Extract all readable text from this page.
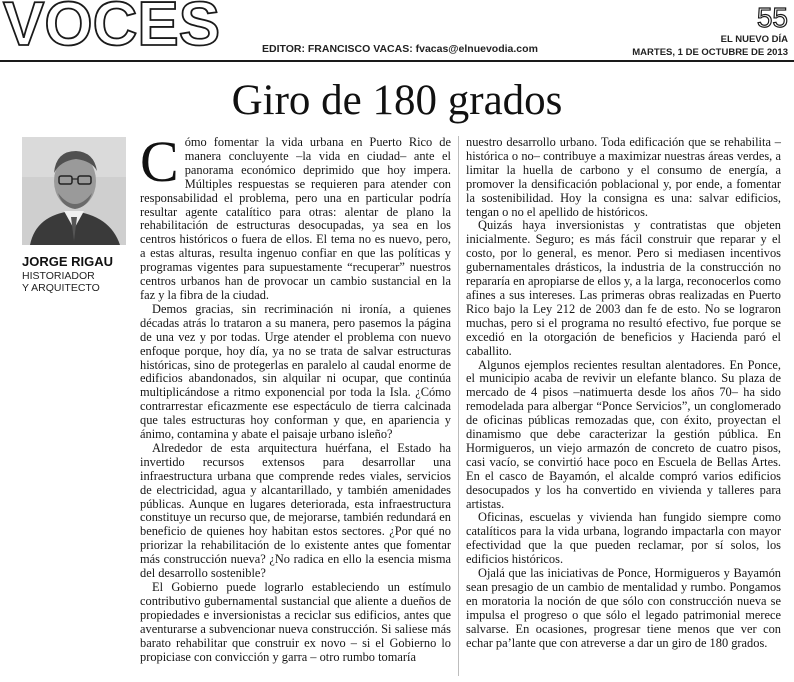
VOCES	EDITOR: FRANCISCO VACAS: fvacas@elnuevodia.com
55
EL NUEVO DÍA
MARTES, 1 DE OCTUBRE DE 2013
Giro de 180 grados
JORGE RIGAU
HISTORIADOR
Y ARQUITECTO

Cómo fomentar la vida urbana en Puerto Rico de manera concluyente –la vida en ciudad– ante el panorama económico deprimido que hoy impera. Múltiples respuestas se requieren para atender con responsabilidad el problema, pero una en particular podría resultar agente catalítico para otras: alentar de plano la rehabilitación de estructuras desocupadas, ya sea en los centros históricos o fuera de ellos. El tema no es nuevo, pero, a estas alturas, resulta ingenuo confiar en que las políticas y programas vigentes para supuestamente “recuperar” nuestros centros urbanos han de provocar un cambio sustancial en la faz y la fibra de la ciudad.

Demos gracias, sin recriminación ni ironía, a quienes décadas atrás lo trataron a su manera, pero pasemos la página de una vez y por todas. Urge atender el problema con nuevo enfoque porque, hoy día, ya no se trata de salvar estructuras históricas, sino de protegerlas en paralelo al caudal enorme de edificios abandonados, sin alquilar ni ocupar, que continúa multiplicándose a ritmo exponencial por toda la Isla. ¿Cómo contrarrestar eficazmente ese espectáculo de tierra calcinada que tales estructuras hoy conforman y que, en apariencia y ánimo, contamina y abate el paisaje urbano isleño?

Alrededor de esta arquitectura huérfana, el Estado ha invertido recursos extensos para desarrollar una infraestructura urbana que comprende redes viales, servicios de electricidad, agua y alcantarillado, y también amenidades públicas. Aunque en lugares deteriorada, esta infraestructura constituye un recurso que, de mejorarse, también redundará en beneficio de quienes hoy habitan estos sectores. ¿Por qué no priorizar la rehabilitación de lo existente antes que fomentar más construcción nueva? ¿No radica en ello la esencia misma del desarrollo sostenible?

El Gobierno puede lograrlo estableciendo un estímulo contributivo gubernamental sustancial que aliente a dueños de propiedades e inversionistas a reciclar sus edificios, antes que aventurarse a subvencionar nueva construcción. Si saliese más barato rehabilitar que construir ex novo – si el Gobierno lo propiciase con convicción y garra – otro rumbo tomaría

nuestro desarrollo urbano. Toda edificación que se rehabilita –histórica o no– contribuye a maximizar nuestras áreas verdes, a limitar la huella de carbono y el consumo de energía, a promover la densificación poblacional y, por ende, a fomentar la sostenibilidad. Hoy la consigna es una: salvar edificios, tengan o no el apellido de históricos.

Quizás haya inversionistas y contratistas que objeten inicialmente. Seguro; es más fácil construir que reparar y el costo, por lo general, es menor. Pero si mediasen incentivos gubernamentales drásticos, la industria de la construcción no repararía en apropiarse de ellos y, a la larga, reconocerlos como afines a sus intereses. Las primeras obras realizadas en Puerto Rico bajo la Ley 212 de 2003 dan fe de esto. No se lograron muchas, pero si el programa no resultó efectivo, fue porque se excedió en la otorgación de beneficios y Hacienda paró el caballito.

Algunos ejemplos recientes resultan alentadores. En Ponce, el municipio acaba de revivir un elefante blanco. Su plaza de mercado de 4 pisos –natimuerta desde los años 70– ha sido remodelada para albergar “Ponce Servicios”, un conglomerado de oficinas públicas remozadas que, con éxito, proyectan el dinamismo que debe caracterizar la gestión pública. En Hormigueros, un viejo armazón de concreto de cuatro pisos, casi vacío, se convirtió hace poco en Escuela de Bellas Artes. En el casco de Bayamón, el alcalde compró varios edificios desocupados y los ha convertido en vivienda y talleres para artistas.

Oficinas, escuelas y vivienda han fungido siempre como catalíticos para la vida urbana, logrando impactarla con mayor efectividad que la que pueden reclamar, por sí solos, los edificios históricos.

Ojalá que las iniciativas de Ponce, Hormigueros y Bayamón sean presagio de un cambio de mentalidad y rumbo. Pongamos en moratoria la noción de que sólo con construcción nueva se impulsa el progreso o que sólo el legado patrimonial merece salvarse. En ocasiones, progresar tiene menos que ver con echar pa’lante que con atreverse a dar un giro de 180 grados.
